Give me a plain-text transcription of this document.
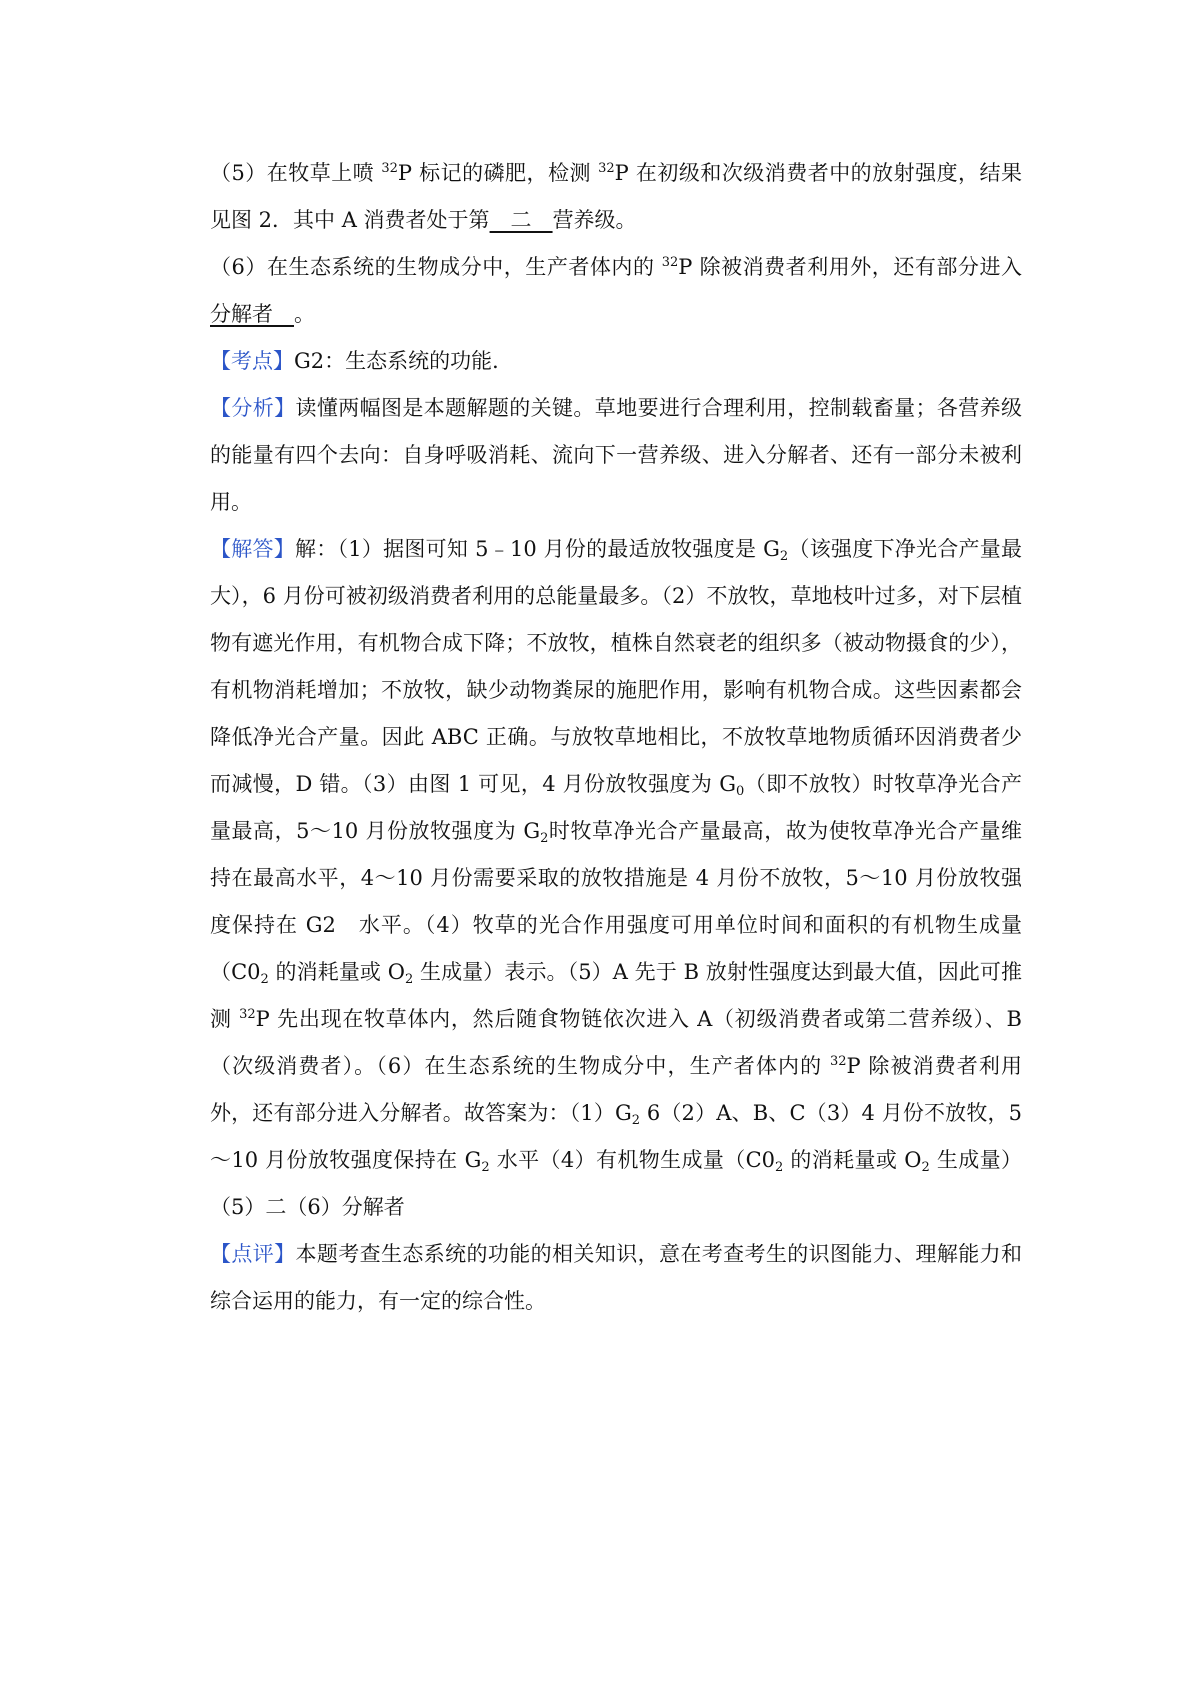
（5）在牧草上喷 $^{32}$P 标记的磷肥，检测 $^{32}$P 在初级和次级消费者中的放射强度，结果见图 2．其中 A 消费者处于第　二　营养级。

（6）在生态系统的生物成分中，生产者体内的 $^{32}$P 除被消费者利用外，还有部分进入分解者　。

【考点】G2：生态系统的功能．

【分析】读懂两幅图是本题解题的关键。草地要进行合理利用，控制载畜量；各营养级的能量有四个去向：自身呼吸消耗、流向下一营养级、进入分解者、还有一部分未被利用。

【解答】解：（1）据图可知 5﹣10 月份的最适放牧强度是 $G_2$（该强度下净光合产量最大），6 月份可被初级消费者利用的总能量最多。（2）不放牧，草地枝叶过多，对下层植物有遮光作用，有机物合成下降；不放牧，植株自然衰老的组织多（被动物摄食的少），有机物消耗增加；不放牧，缺少动物粪尿的施肥作用，影响有机物合成。这些因素都会降低净光合产量。因此 ABC 正确。与放牧草地相比，不放牧草地物质循环因消费者少而减慢，D 错。（3）由图 1 可见，4 月份放牧强度为 $G_0$（即不放牧）时牧草净光合产量最高，5～10 月份放牧强度为 $G_2$时牧草净光合产量最高，故为使牧草净光合产量维持在最高水平，4～10 月份需要采取的放牧措施是 4 月份不放牧，5～10 月份放牧强度保持在 G2　水平。（4）牧草的光合作用强度可用单位时间和面积的有机物生成量（$C0_2$ 的消耗量或 $O_2$ 生成量）表示。（5）A 先于 B 放射性强度达到最大值，因此可推测 $^{32}$P 先出现在牧草体内，然后随食物链依次进入 A（初级消费者或第二营养级）、B（次级消费者）。（6）在生态系统的生物成分中，生产者体内的 $^{32}$P 除被消费者利用外，还有部分进入分解者。故答案为：$(1)G_2$ 6（2）A、B、C（3）4 月份不放牧，5～10 月份放牧强度保持在 $G_2$ 水平（4）有机物生成量（$C0_2$ 的消耗量或 $O_2$ 生成量）（5）二（6）分解者

【点评】本题考查生态系统的功能的相关知识，意在考查考生的识图能力、理解能力和综合运用的能力，有一定的综合性。
